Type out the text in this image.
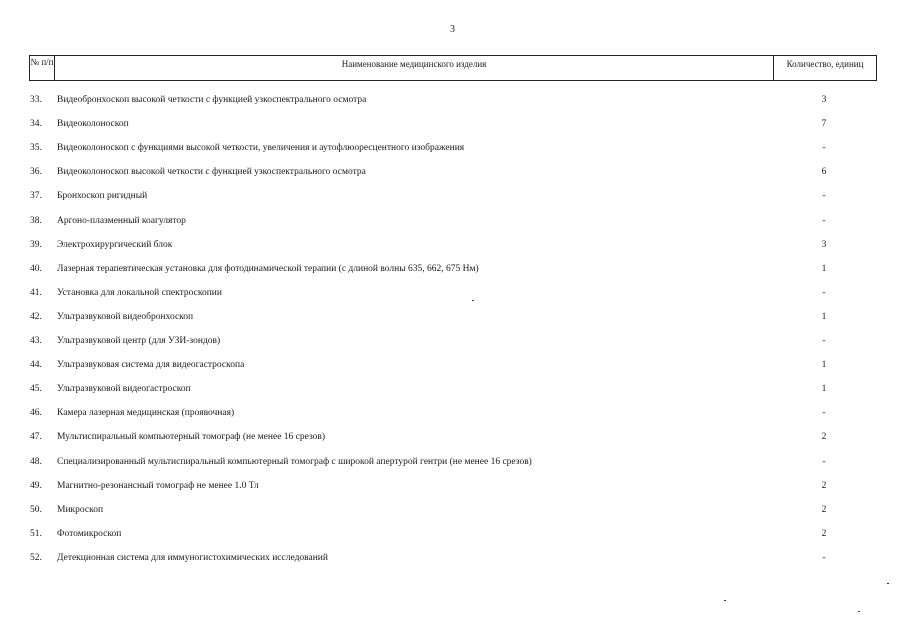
3
№ п/п	Наименование медицинского изделия	Количество, единиц
33.	Видеобронхоскоп высокой четкости с функцией узкоспектрального осмотра	3
34.	Видеоколоноскоп	7
35.	Видеоколоноскоп с функциями высокой четкости, увеличения и аутофлюоресцентного изображения	-
36.	Видеоколоноскоп высокой четкости с функцией узкоспектрального осмотра	6
37.	Бронхоскоп ригидный	-
38.	Аргоно-плазменный коагулятор	-
39.	Электрохирургический блок	3
40.	Лазерная терапевтическая установка для фотодинамической терапии (с длиной волны 635, 662, 675 Нм)	1
41.	Установка для локальной спектроскопии	-
42.	Ультразвуковой видеобронхоскоп	1
43.	Ультразвуковой центр (для УЗИ-зондов)	-
44.	Ультразвуковая система для видеогастроскопа	1
45.	Ультразвуковой видеогастроскоп	1
46.	Камера лазерная медицинская (проявочная)	-
47.	Мультиспиральный компьютерный томограф (не менее 16 срезов)	2
48.	Специализированный мультиспиральный компьютерный томограф с широкой апертурой гентри (не менее 16 срезов)	-
49.	Магнитно-резонансный томограф не менее 1.0 Тл	2
50.	Микроскоп	2
51.	Фотомикроскоп	2
52.	Детекционная система для иммуногистохимических исследований	-
